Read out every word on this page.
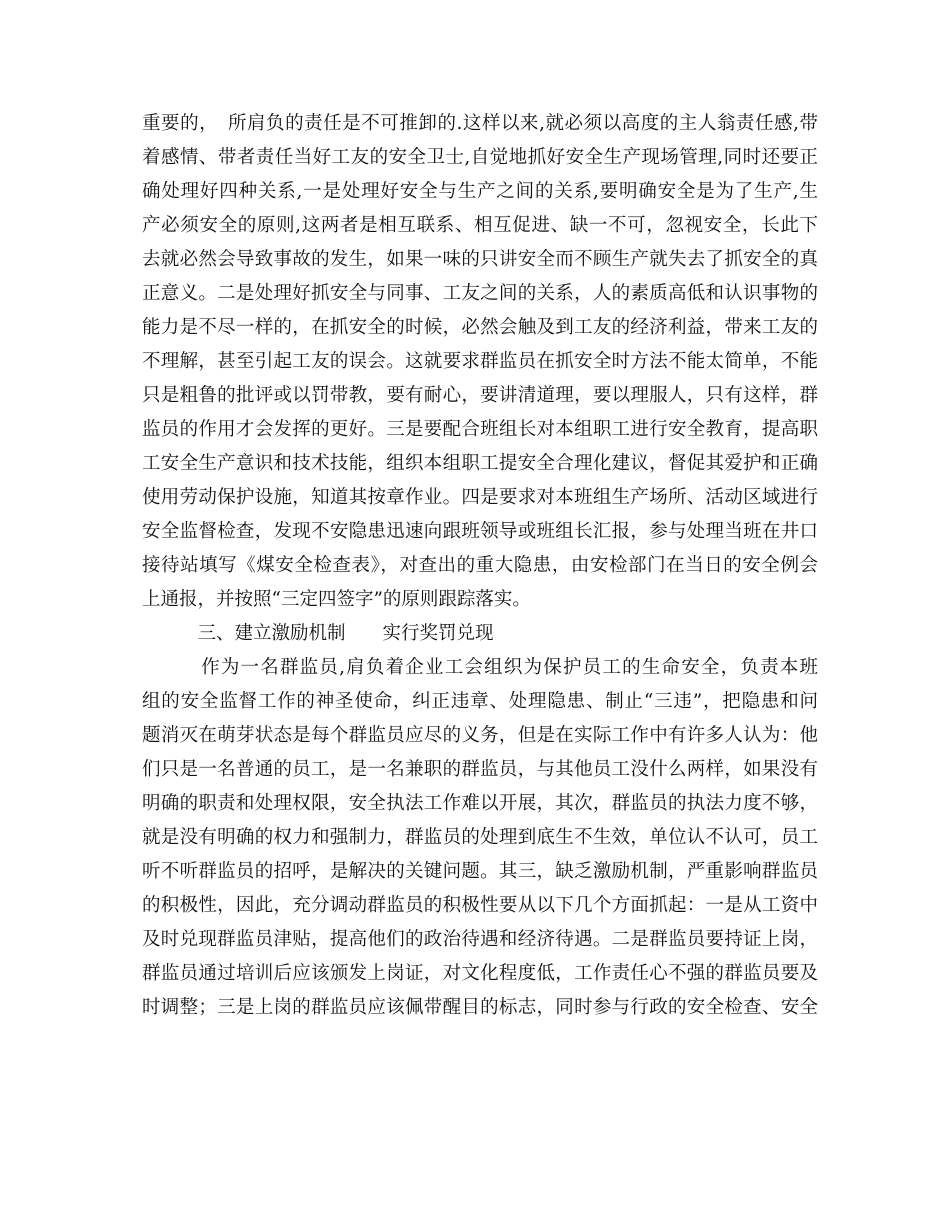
重要的，　所肩负的责任是不可推卸的.这样以来,就必须以高度的主人翁责任感,带
着感情、带者责任当好工友的安全卫士,自觉地抓好安全生产现场管理,同时还要正
确处理好四种关系,一是处理好安全与生产之间的关系,要明确安全是为了生产,生
产必须安全的原则,这两者是相互联系、相互促进、缺一不可，忽视安全，长此下
去就必然会导致事故的发生，如果一味的只讲安全而不顾生产就失去了抓安全的真
正意义。二是处理好抓安全与同事、工友之间的关系，人的素质高低和认识事物的
能力是不尽一样的，在抓安全的时候，必然会触及到工友的经济利益，带来工友的
不理解，甚至引起工友的误会。这就要求群监员在抓安全时方法不能太简单，不能
只是粗鲁的批评或以罚带教，要有耐心，要讲清道理，要以理服人，只有这样，群
监员的作用才会发挥的更好。三是要配合班组长对本组职工进行安全教育，提高职
工安全生产意识和技术技能，组织本组职工提安全合理化建议，督促其爱护和正确
使用劳动保护设施，知道其按章作业。四是要求对本班组生产场所、活动区域进行
安全监督检查，发现不安隐患迅速向跟班领导或班组长汇报，参与处理当班在井口
接待站填写《煤安全检查表》，对查出的重大隐患，由安检部门在当日的安全例会
上通报，并按照“三定四签字”的原则跟踪落实。
　　　三、建立激励机制　　实行奖罚兑现
　　　作为一名群监员,肩负着企业工会组织为保护员工的生命安全，负责本班
组的安全监督工作的神圣使命，纠正违章、处理隐患、制止“三违”，把隐患和问
题消灭在萌芽状态是每个群监员应尽的义务，但是在实际工作中有许多人认为：他
们只是一名普通的员工，是一名兼职的群监员，与其他员工没什么两样，如果没有
明确的职责和处理权限，安全执法工作难以开展，其次，群监员的执法力度不够，
就是没有明确的权力和强制力，群监员的处理到底生不生效，单位认不认可，员工
听不听群监员的招呼，是解决的关键问题。其三，缺乏激励机制，严重影响群监员
的积极性，因此，充分调动群监员的积极性要从以下几个方面抓起：一是从工资中
及时兑现群监员津贴，提高他们的政治待遇和经济待遇。二是群监员要持证上岗，
群监员通过培训后应该颁发上岗证，对文化程度低，工作责任心不强的群监员要及
时调整；三是上岗的群监员应该佩带醒目的标志，同时参与行政的安全检查、安全
